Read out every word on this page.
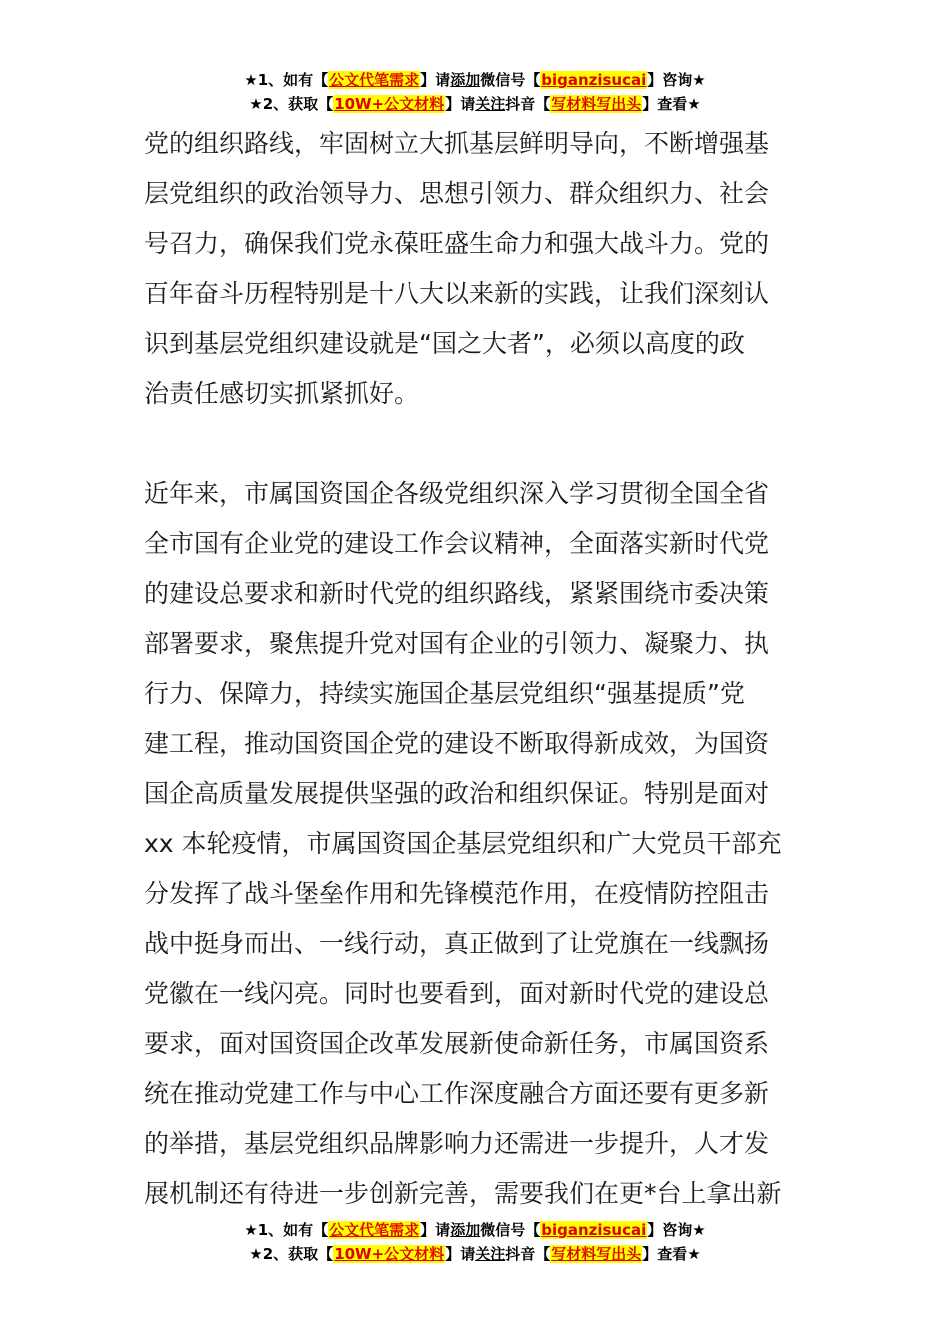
★1、如有【公文代笔需求】请添加微信号【biganzisucai】咨询★
★2、获取【10W+公文材料】请关注抖音【写材料写出头】查看★
党的组织路线，牢固树立大抓基层鲜明导向，不断增强基
层党组织的政治领导力、思想引领力、群众组织力、社会
号召力，确保我们党永葆旺盛生命力和强大战斗力。党的
百年奋斗历程特别是十八大以来新的实践，让我们深刻认
识到基层党组织建设就是“国之大者”，必须以高度的政
治责任感切实抓紧抓好。
近年来，市属国资国企各级党组织深入学习贯彻全国全省
全市国有企业党的建设工作会议精神，全面落实新时代党
的建设总要求和新时代党的组织路线，紧紧围绕市委决策
部署要求，聚焦提升党对国有企业的引领力、凝聚力、执
行力、保障力，持续实施国企基层党组织“强基提质”党
建工程，推动国资国企党的建设不断取得新成效，为国资
国企高质量发展提供坚强的政治和组织保证。特别是面对
xx 本轮疫情，市属国资国企基层党组织和广大党员干部充
分发挥了战斗堡垒作用和先锋模范作用，在疫情防控阻击
战中挺身而出、一线行动，真正做到了让党旗在一线飘扬
党徽在一线闪亮。同时也要看到，面对新时代党的建设总
要求，面对国资国企改革发展新使命新任务，市属国资系
统在推动党建工作与中心工作深度融合方面还要有更多新
的举措，基层党组织品牌影响力还需进一步提升，人才发
展机制还有待进一步创新完善，需要我们在更*台上拿出新
★1、如有【公文代笔需求】请添加微信号【biganzisucai】咨询★
★2、获取【10W+公文材料】请关注抖音【写材料写出头】查看★
